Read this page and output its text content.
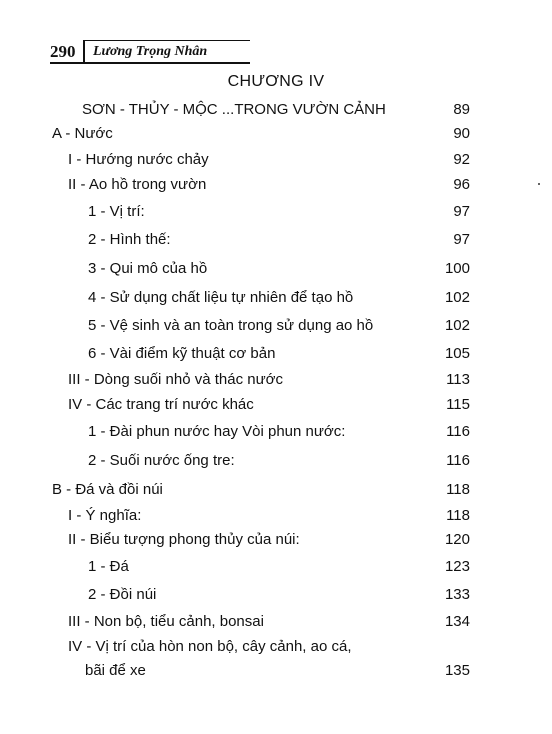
290 Lương Trọng Nhân
CHƯƠNG IV
SƠN - THỦY - MỘC ...TRONG VƯỜN CẢNH	89
A - Nước	90
I - Hướng nước chảy	92
II - Ao hồ trong vườn	96
1 - Vị trí:	97
2 - Hình thế:	97
3 - Qui mô của hồ	100
4 - Sử dụng chất liệu tự nhiên để tạo hồ	102
5 - Vệ sinh và an toàn trong sử dụng ao hồ	102
6 - Vài điểm kỹ thuật cơ bản	105
III - Dòng suối nhỏ và thác nước	113
IV - Các trang trí nước khác	115
1 - Đài phun nước hay Vòi phun nước:	116
2 - Suối nước ống tre:	116
B - Đá và đồi núi	118
I - Ý nghĩa:	118
II - Biểu tượng phong thủy của núi:	120
1 - Đá	123
2 - Đồi núi	133
III - Non bộ, tiểu cảnh, bonsai	134
IV - Vị trí của hòn non bộ, cây cảnh, ao cá,
bãi để xe	135
